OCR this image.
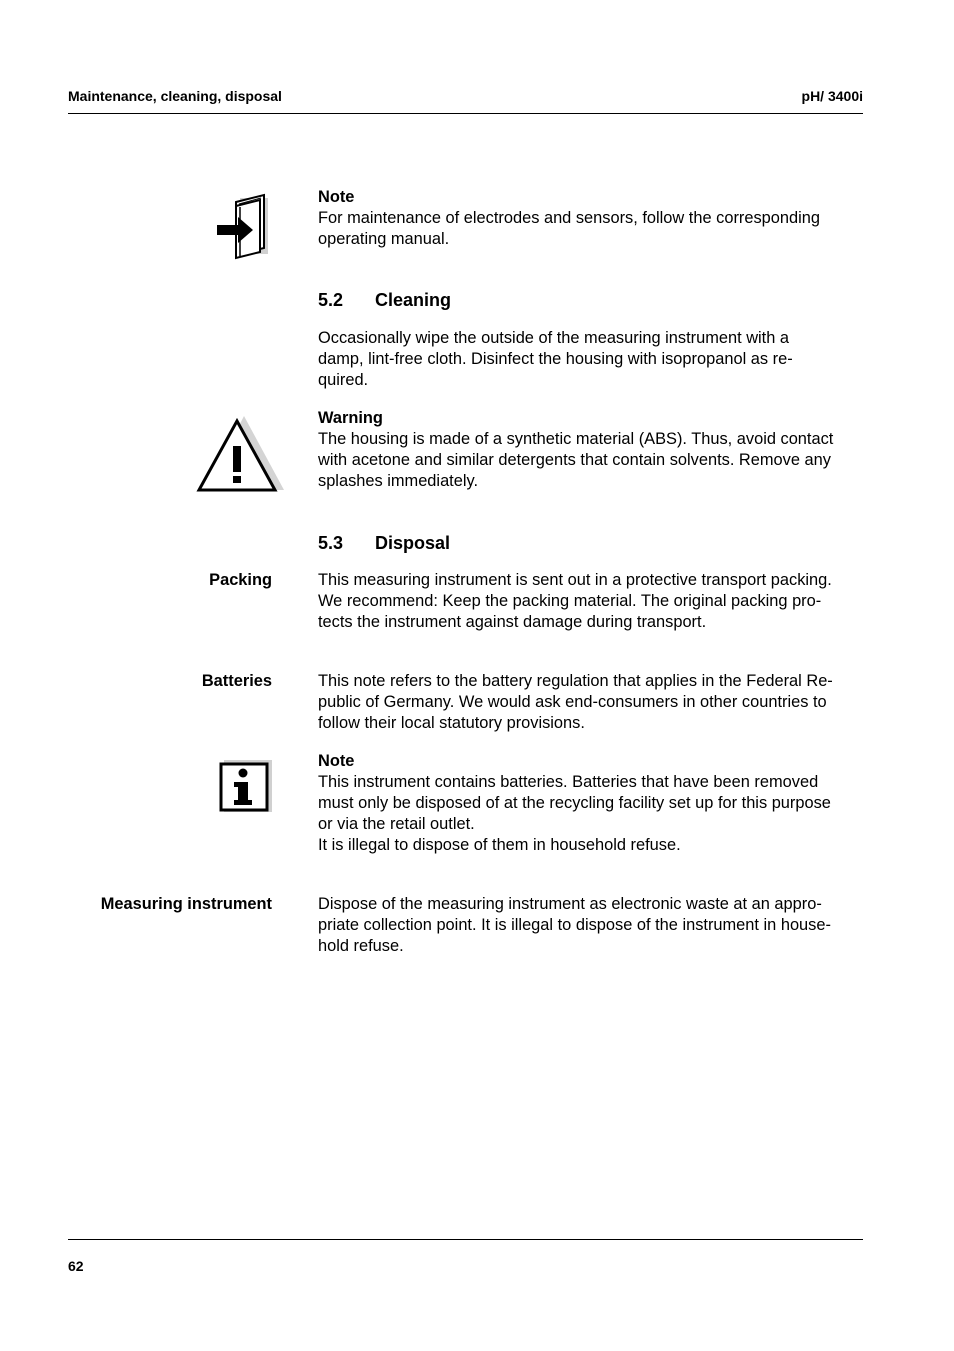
Maintenance, cleaning, disposal	pH/ 3400i
Note
For maintenance of electrodes and sensors, follow the corresponding
operating manual.
5.2 Cleaning
Occasionally wipe the outside of the measuring instrument with a
damp, lint-free cloth. Disinfect the housing with isopropanol as re-
quired.
Warning
The housing is made of a synthetic material (ABS). Thus, avoid contact
with acetone and similar detergents that contain solvents. Remove any
splashes immediately.
5.3 Disposal
Packing	This measuring instrument is sent out in a protective transport packing.
We recommend: Keep the packing material. The original packing pro-
tects the instrument against damage during transport.
Batteries	This note refers to the battery regulation that applies in the Federal Re-
public of Germany. We would ask end-consumers in other countries to
follow their local statutory provisions.
Note
This instrument contains batteries. Batteries that have been removed
must only be disposed of at the recycling facility set up for this purpose
or via the retail outlet.
It is illegal to dispose of them in household refuse.
Measuring instrument	Dispose of the measuring instrument as electronic waste at an appro-
priate collection point. It is illegal to dispose of the instrument in house-
hold refuse.
62
